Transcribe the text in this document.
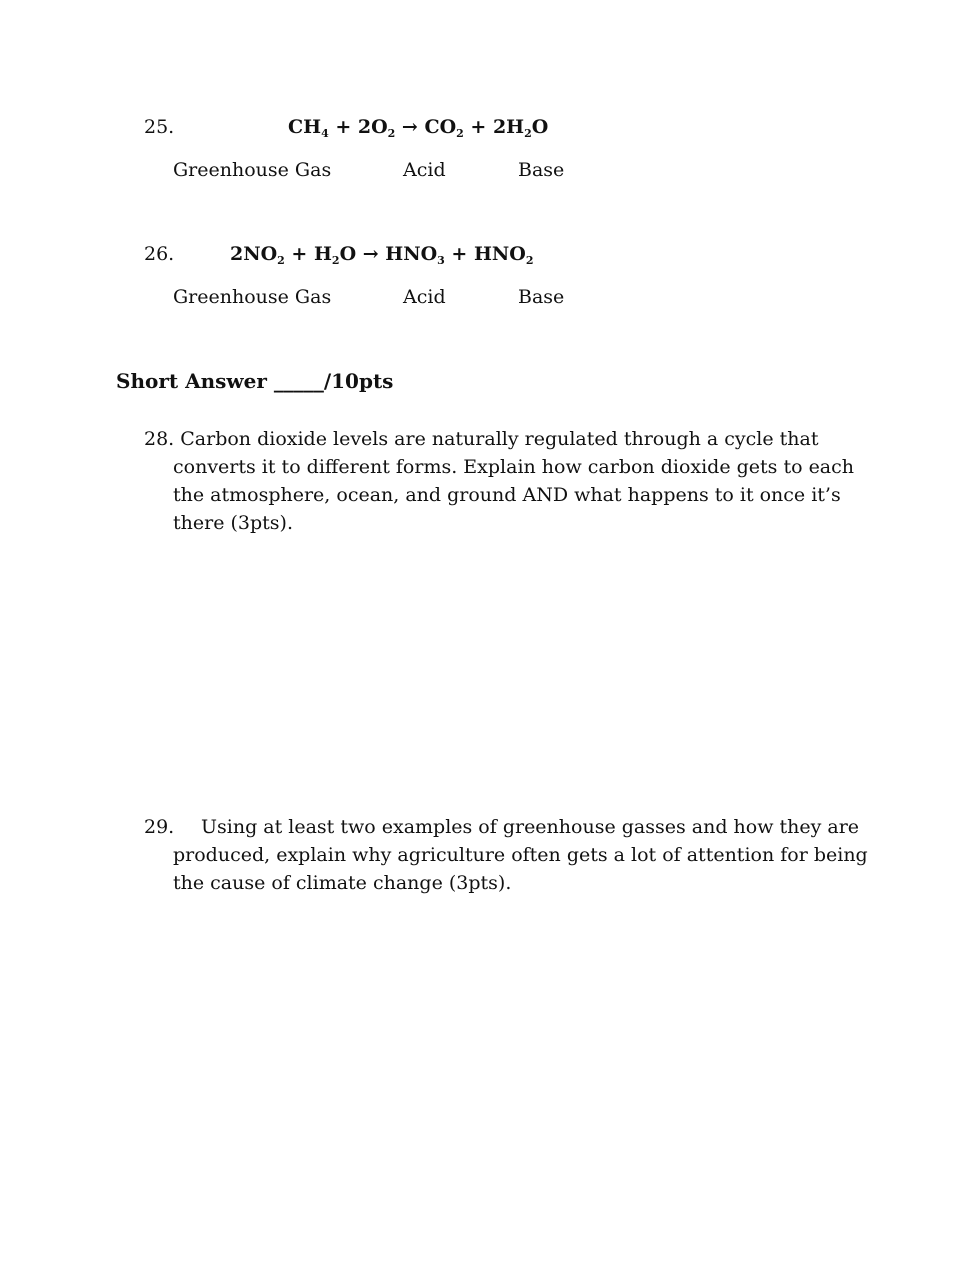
25.	$CH_4 + 2O_2 \to CO_2 + 2H_2O$
Greenhouse Gas	Acid	Base
26.	$2NO_2 + H_2O \to HNO_3 + HNO_2$
Greenhouse Gas	Acid	Base
Short Answer _____/10pts
28. Carbon dioxide levels are naturally regulated through a cycle that converts it to different forms. Explain how carbon dioxide gets to each the atmosphere, ocean, and ground AND what happens to it once it’s there (3pts).
29. Using at least two examples of greenhouse gasses and how they are produced, explain why agriculture often gets a lot of attention for being the cause of climate change (3pts).
